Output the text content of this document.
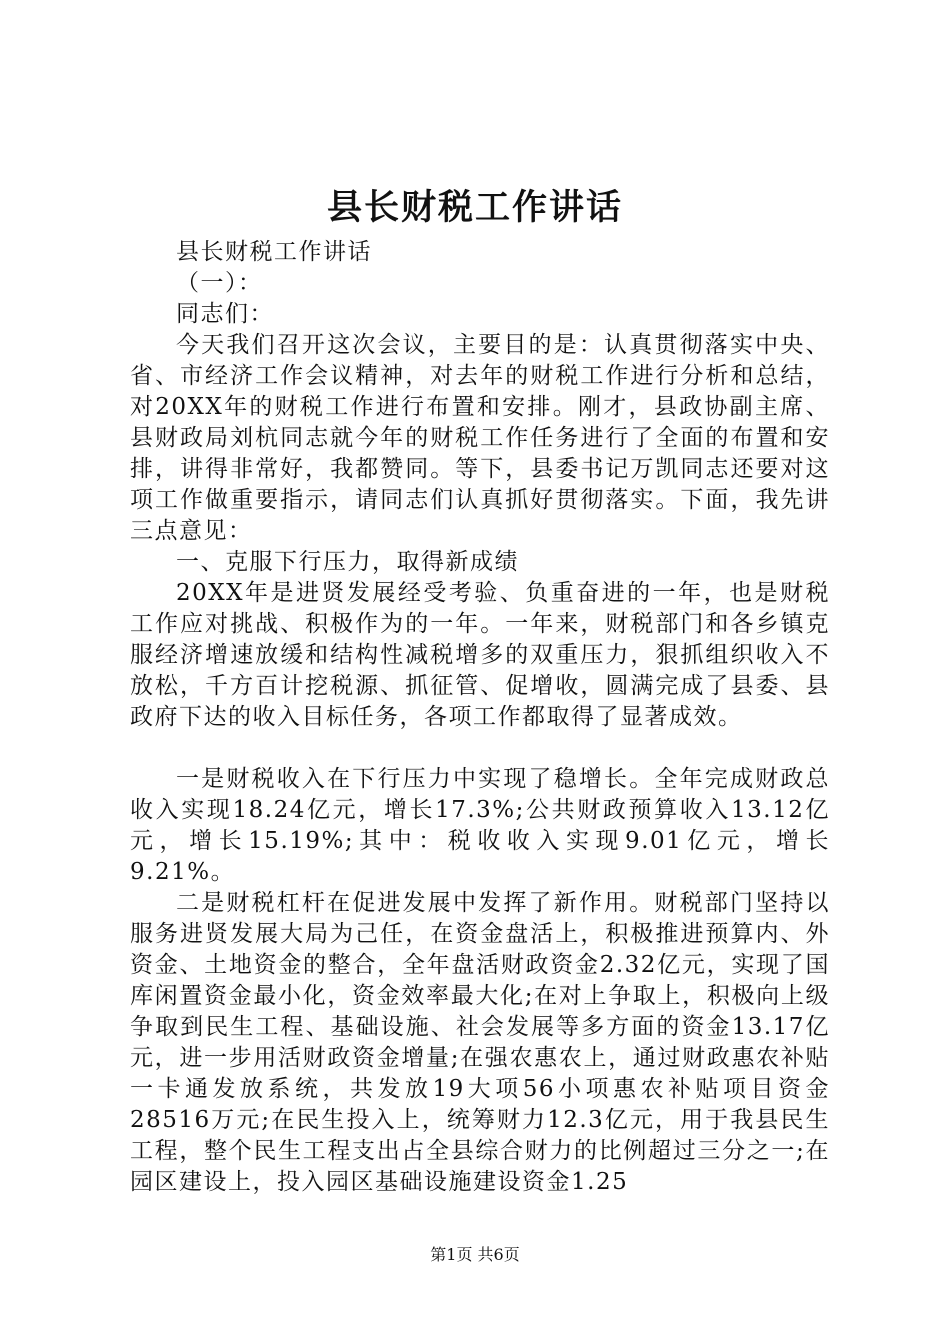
县长财税工作讲话

县长财税工作讲话

（一）：

同志们：

今天我们召开这次会议，主要目的是：认真贯彻落实中央、省、市经济工作会议精神，对去年的财税工作进行分析和总结，对20XX年的财税工作进行布置和安排。刚才，县政协副主席、县财政局刘杭同志就今年的财税工作任务进行了全面的布置和安排，讲得非常好，我都赞同。等下，县委书记万凯同志还要对这项工作做重要指示，请同志们认真抓好贯彻落实。下面，我先讲三点意见：

一、克服下行压力，取得新成绩

20XX年是进贤发展经受考验、负重奋进的一年，也是财税工作应对挑战、积极作为的一年。一年来，财税部门和各乡镇克服经济增速放缓和结构性减税增多的双重压力，狠抓组织收入不放松，千方百计挖税源、抓征管、促增收，圆满完成了县委、县政府下达的收入目标任务，各项工作都取得了显著成效。

一是财税收入在下行压力中实现了稳增长。全年完成财政总收入实现18.24亿元，增长17.3%;公共财政预算收入13.12亿元，增长15.19%;其中：税收收入实现9.01亿元，增长9.21%。

二是财税杠杆在促进发展中发挥了新作用。财税部门坚持以服务进贤发展大局为己任，在资金盘活上，积极推进预算内、外资金、土地资金的整合，全年盘活财政资金2.32亿元，实现了国库闲置资金最小化，资金效率最大化;在对上争取上，积极向上级争取到民生工程、基础设施、社会发展等多方面的资金13.17亿元，进一步用活财政资金增量;在强农惠农上，通过财政惠农补贴一卡通发放系统，共发放19大项56小项惠农补贴项目资金28516万元;在民生投入上，统筹财力12.3亿元，用于我县民生工程，整个民生工程支出占全县综合财力的比例超过三分之一;在园区建设上，投入园区基础设施建设资金1.25

第1页 共6页
